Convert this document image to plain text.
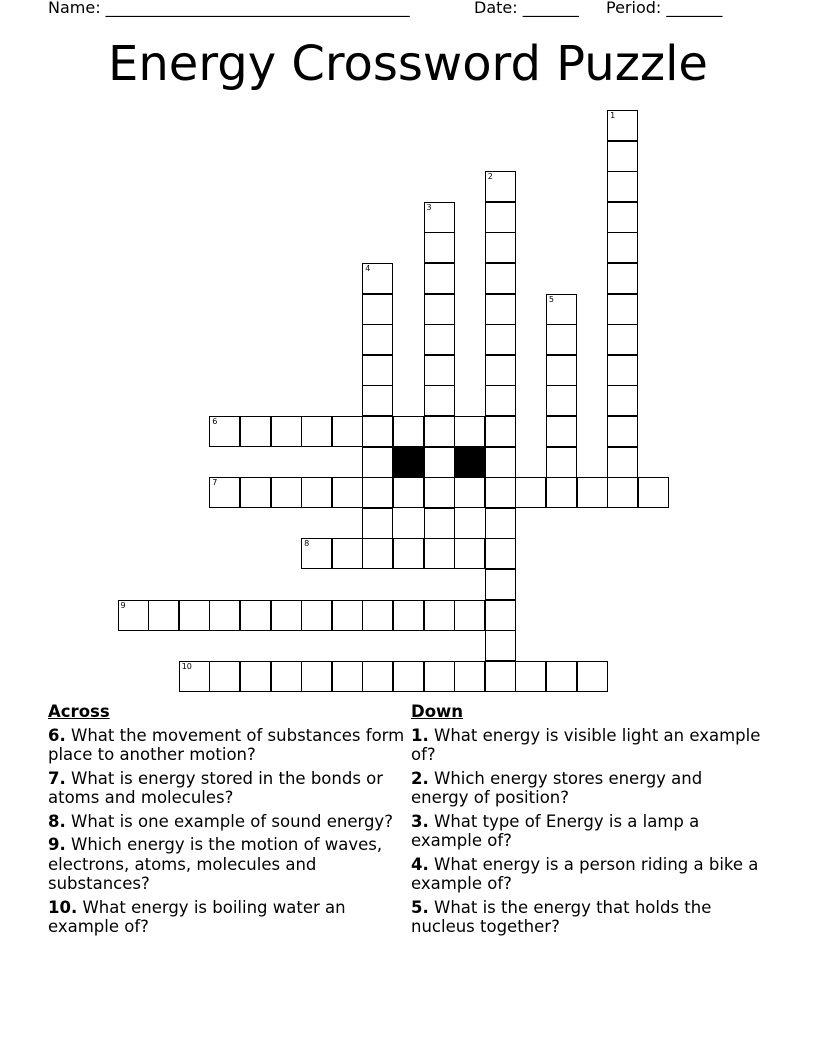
Name: ______________________________________	Date: _______ Period: _______
Energy Crossword Puzzle
1
2
3
4
5
6
7
8
9
10
Across
6. What the movement of substances form place to another motion?
7. What is energy stored in the bonds or atoms and molecules?
8. What is one example of sound energy?
9. Which energy is the motion of waves, electrons, atoms, molecules and substances?
10. What energy is boiling water an example of?
Down
1. What energy is visible light an example of?
2. Which energy stores energy and energy of position?
3. What type of Energy is a lamp a example of?
4. What energy is a person riding a bike a example of?
5. What is the energy that holds the nucleus together?
